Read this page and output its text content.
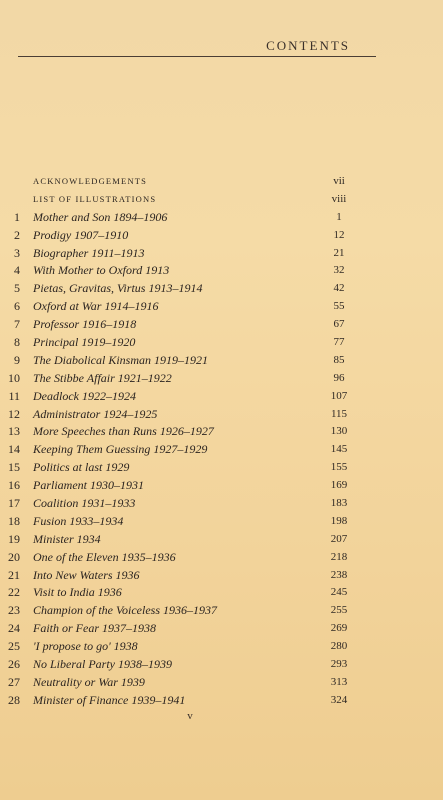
CONTENTS
ACKNOWLEDGEMENTS	vii
LIST OF ILLUSTRATIONS	viii
1 Mother and Son 1894–1906	1
2 Prodigy 1907–1910	12
3 Biographer 1911–1913	21
4 With Mother to Oxford 1913	32
5 Pietas, Gravitas, Virtus 1913–1914	42
6 Oxford at War 1914–1916	55
7 Professor 1916–1918	67
8 Principal 1919–1920	77
9 The Diabolical Kinsman 1919–1921	85
10 The Stibbe Affair 1921–1922	96
11 Deadlock 1922–1924	107
12 Administrator 1924–1925	115
13 More Speeches than Runs 1926–1927	130
14 Keeping Them Guessing 1927–1929	145
15 Politics at last 1929	155
16 Parliament 1930–1931	169
17 Coalition 1931–1933	183
18 Fusion 1933–1934	198
19 Minister 1934	207
20 One of the Eleven 1935–1936	218
21 Into New Waters 1936	238
22 Visit to India 1936	245
23 Champion of the Voiceless 1936–1937	255
24 Faith or Fear 1937–1938	269
25 'I propose to go' 1938	280
26 No Liberal Party 1938–1939	293
27 Neutrality or War 1939	313
28 Minister of Finance 1939–1941	324
v
